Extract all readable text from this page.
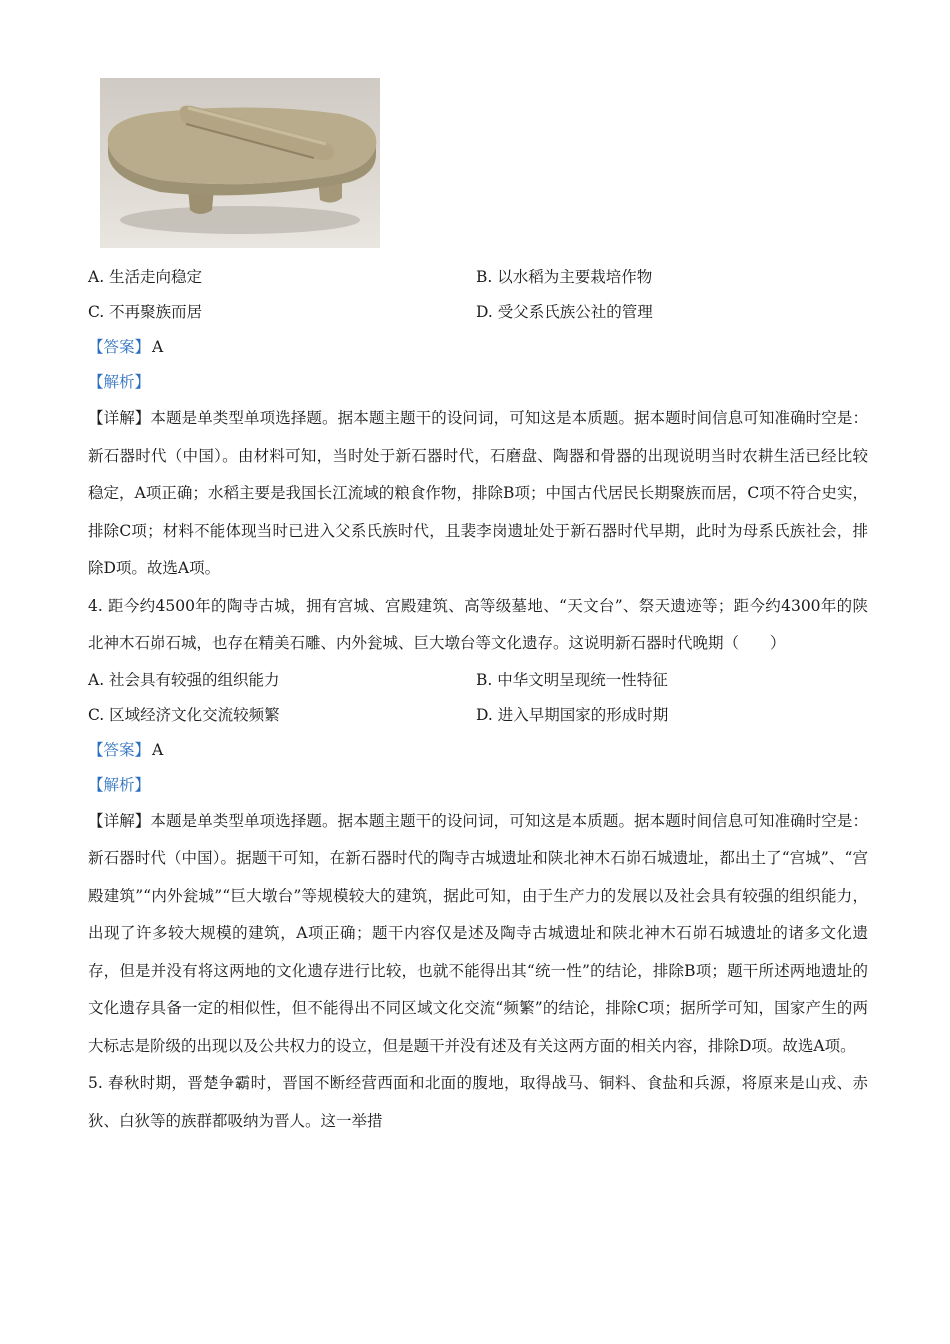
A. 生活走向稳定	B. 以水稻为主要栽培作物
C. 不再聚族而居	D. 受父系氏族公社的管理
【答案】 A
【解析】
【详解】本题是单类型单项选择题。据本题主题干的设问词，可知这是本质题。据本题时间信息可知准确时空是：新石器时代（中国）。由材料可知，当时处于新石器时代，石磨盘、陶器和骨器的出现说明当时农耕生活已经比较稳定，A项正确；水稻主要是我国长江流域的粮食作物，排除B项；中国古代居民长期聚族而居，C项不符合史实，排除C项；材料不能体现当时已进入父系氏族时代，且裴李岗遗址处于新石器时代早期，此时为母系氏族社会，排除D项。故选A项。
4. 距今约4500年的陶寺古城，拥有宫城、宫殿建筑、高等级墓地、“天文台”、祭天遗迹等；距今约4300年的陕北神木石峁石城，也存在精美石雕、内外瓮城、巨大墩台等文化遗存。这说明新石器时代晚期（　　）
A. 社会具有较强的组织能力	B. 中华文明呈现统一性特征
C. 区域经济文化交流较频繁	D. 进入早期国家的形成时期
【答案】 A
【解析】
【详解】本题是单类型单项选择题。据本题主题干的设问词，可知这是本质题。据本题时间信息可知准确时空是：新石器时代（中国）。据题干可知，在新石器时代的陶寺古城遗址和陕北神木石峁石城遗址，都出土了“宫城”、“宫殿建筑”“内外瓮城”“巨大墩台”等规模较大的建筑，据此可知，由于生产力的发展以及社会具有较强的组织能力，出现了许多较大规模的建筑，A项正确；题干内容仅是述及陶寺古城遗址和陕北神木石峁石城遗址的诸多文化遗存，但是并没有将这两地的文化遗存进行比较，也就不能得出其“统一性”的结论，排除B项；题干所述两地遗址的文化遗存具备一定的相似性，但不能得出不同区域文化交流“频繁”的结论，排除C项；据所学可知，国家产生的两大标志是阶级的出现以及公共权力的设立，但是题干并没有述及有关这两方面的相关内容，排除D项。故选A项。
5. 春秋时期，晋楚争霸时，晋国不断经营西面和北面的腹地，取得战马、铜料、食盐和兵源，将原来是山戎、赤狄、白狄等的族群都吸纳为晋人。这一举措
